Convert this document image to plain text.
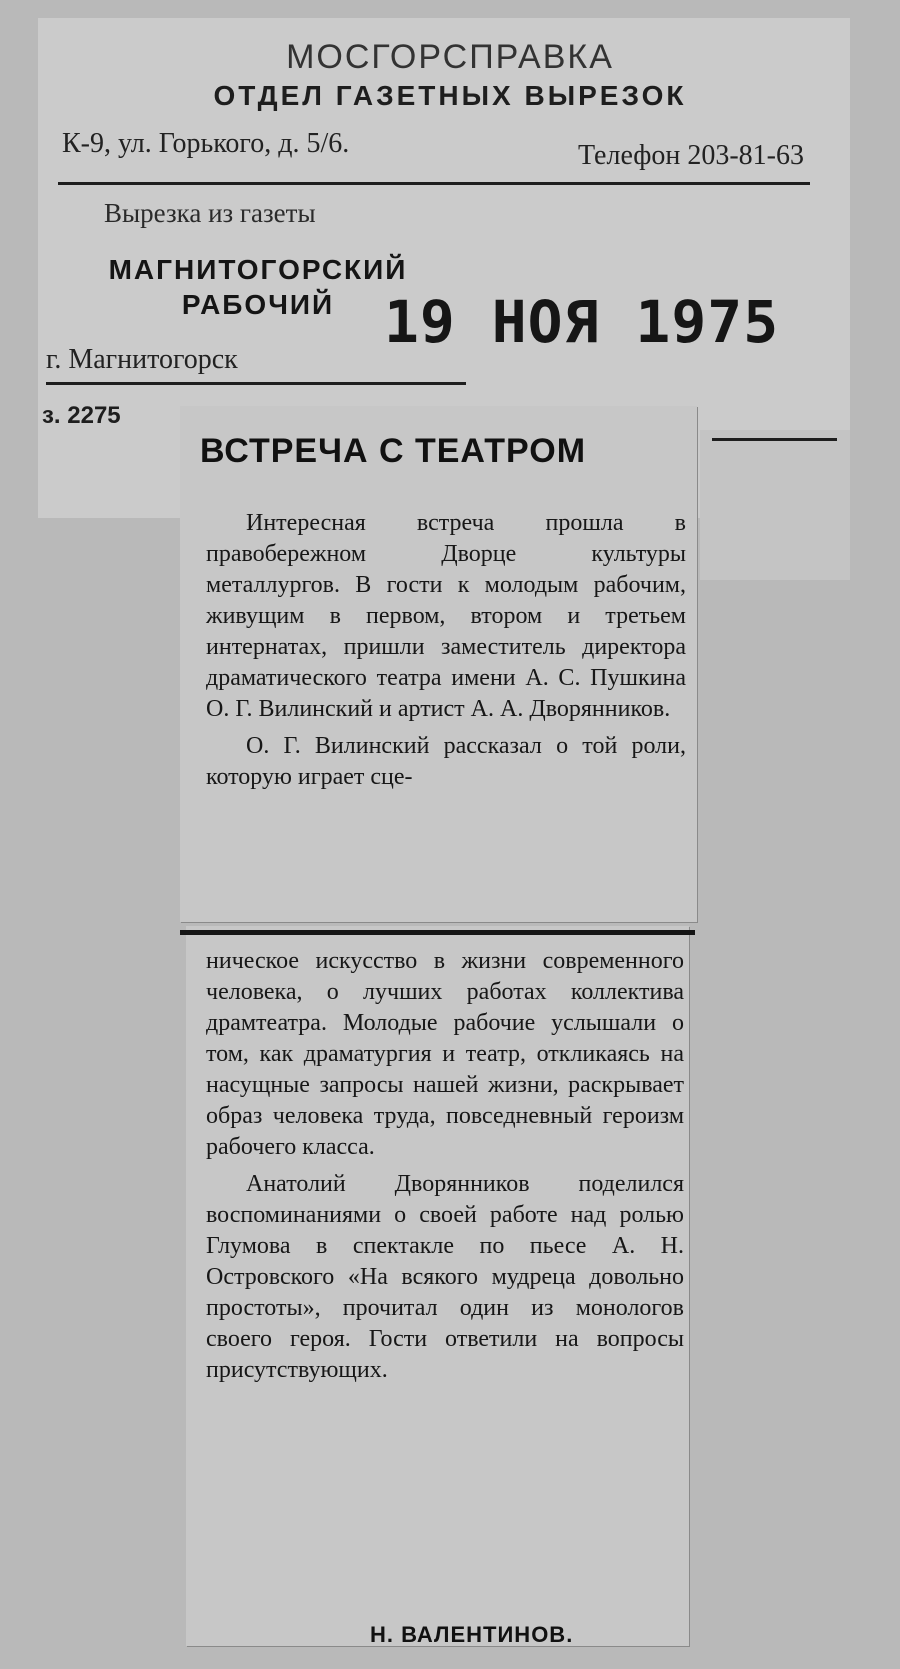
МОСГОРСПРАВКА
ОТДЕЛ ГАЗЕТНЫХ ВЫРЕЗОК
К-9, ул. Горького, д. 5/6.	Телефон 203-81-63
Вырезка из газеты
МАГНИТОГОРСКИЙ
РАБОЧИЙ 19 НОЯ 1975
г. Магнитогорск
з. 2275
ВСТРЕЧА С ТЕАТРОМ

Интересная встреча прошла в правобережном Дворце культуры металлургов. В гости к молодым рабочим, живущим в первом, втором и третьем интернатах, пришли заместитель директора драматического театра имени А. С. Пушкина О. Г. Вилинский и артист А. А. Дворянников.

О. Г. Вилинский рассказал о той роли, которую играет сце-

ническое искусство в жизни современного человека, о лучших работах коллектива драмтеатра. Молодые рабочие услышали о том, как драматургия и театр, откликаясь на насущные запросы нашей жизни, раскрывает образ человека труда, повседневный героизм рабочего класса.

Анатолий Дворянников поделился воспоминаниями о своей работе над ролью Глумова в спектакле по пьесе А. Н. Островского «На всякого мудреца довольно простоты», прочитал один из монологов своего героя. Гости ответили на вопросы присутствующих.

Н. ВАЛЕНТИНОВ.
